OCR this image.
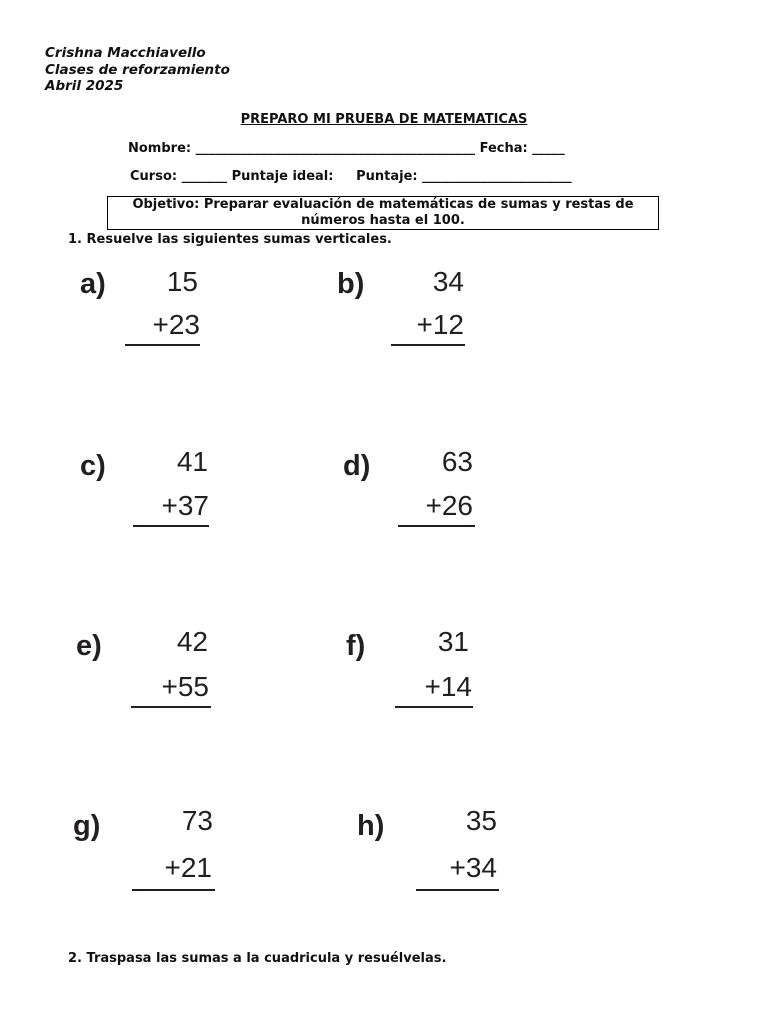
Crishna Macchiavello
Clases de reforzamiento
Abril 2025
PREPARO MI PRUEBA DE MATEMATICAS
Nombre: ___________________________________________ Fecha: _____
Curso: _______ Puntaje ideal:     Puntaje: _______________________
Objetivo: Preparar evaluación de matemáticas de sumas y restas de
números hasta el 100.
1. Resuelve las siguientes sumas verticales.
a)	15
+23
b)	34
+12
c)	41
+37
d)	63
+26
e)	42
+55
f)	31
+14
g)	73
+21
h)	35
+34
2. Traspasa las sumas a la cuadricula y resuélvelas.
